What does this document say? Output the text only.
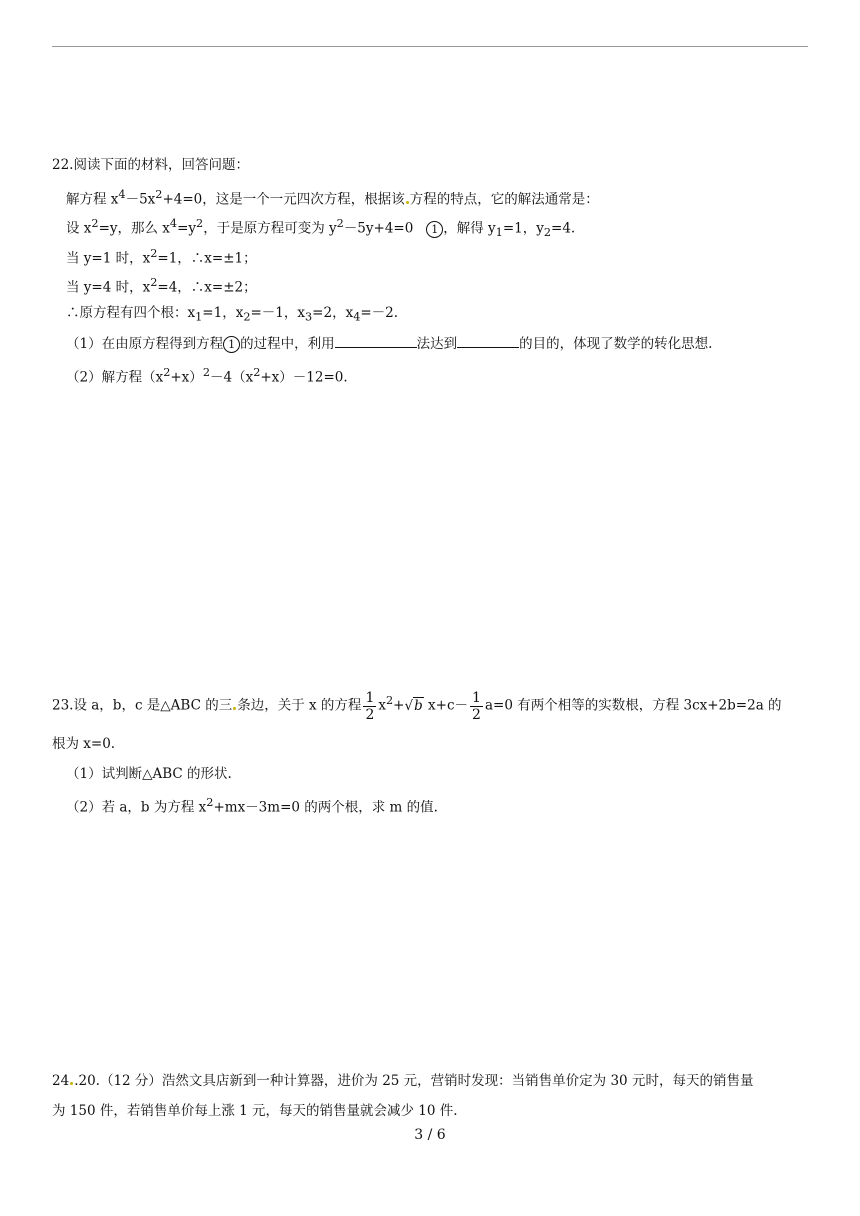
22.阅读下面的材料，回答问题：
解方程 $x^4-5x^2+4=0$，这是一个一元四次方程，根据该 方程的特点，它的解法通常是：
设 $x^2=y$，那么 $x^4=y^2$，于是原方程可变为 $y^2-5y+4=0$ 1 ，解得 $y_1=1$，$y_2=4$.
当 y=1 时，$x^2=1$，∴x=±1；
当 y=4 时，$x^2=4$，∴x=±2；
∴原方程有四个根：$x_1=1$，$x_2=-1$，$x_3=2$，$x_4=-2$.
（1）在由原方程得到方程 1 的过程中，利用	法达到	的目的，体现了数学的转化思想.
（2）解方程$(x^2+x)^2-4(x^2+x)-12=0$.
23.设 a，b，c 是△ABC 的三 条边，关于 x 的方程 $\frac{1}{2} x^2+√b$ $x+c- \frac{1}{2} a=0$ 有两个相等的实数根，方程 3cx+2b=2a 的
根为 x=0.
（1）试判断△ABC 的形状.
（2）若 a，b 为方程 $x^2+mx-3m=0$ 的两个根，求 m 的值.
24 .20.（12 分）浩然文具店新到一种计算器，进价为 25 元，营销时发现：当销售单价定为 30 元时，每天的销售量
为 150 件，若销售单价每上涨 1 元，每天的销售量就会减少 10 件.
3 / 6
